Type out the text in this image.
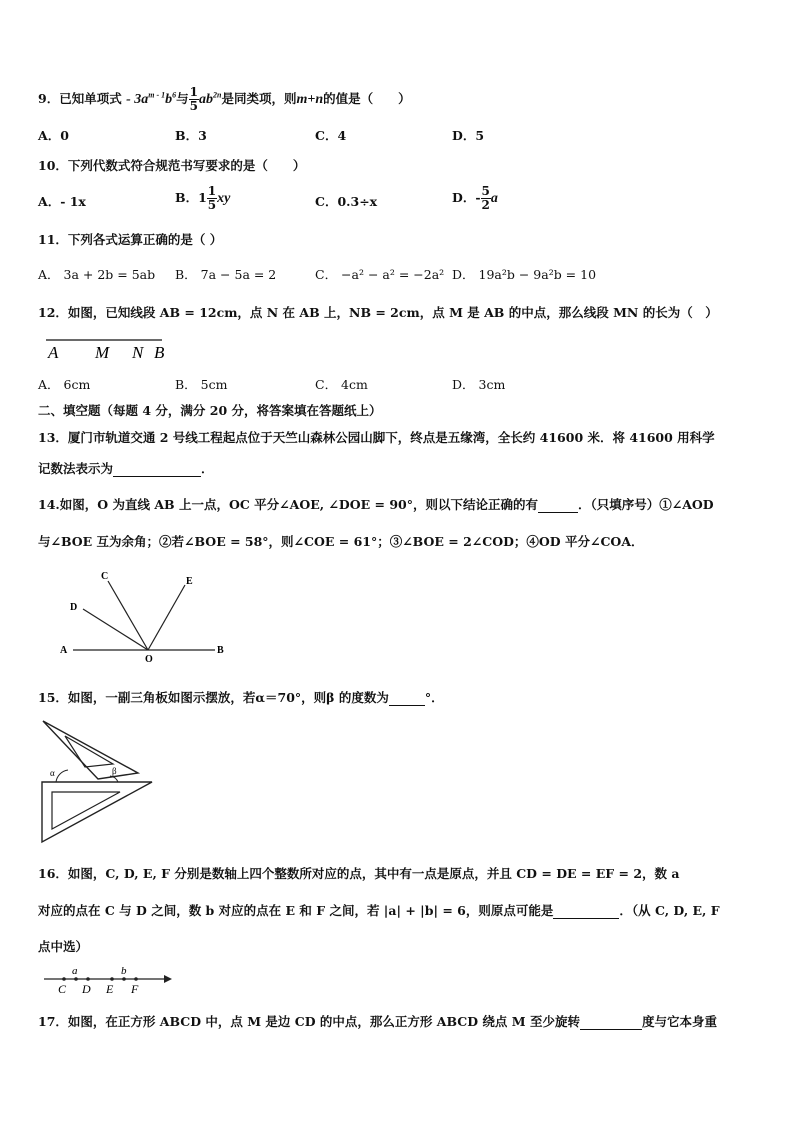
9．已知单项式 - $3a^{m - 1}b^6$与 $\frac{1}{5} ab^{2n}$是同类项，则m+n的值是（　　）
A．0	B．3	C．4	D．5
10．下列代数式符合规范书写要求的是（　　）
A．- 1x	B．$1 \frac{1}{5}$ xy	C．0.3÷x	D．- $\frac{5}{2}$ a
11．下列各式运算正确的是（ ）
A． 3a + 2b = 5ab B． 7a − 5a = 2	C． −a² − a² = −2a² D． 19a²b − 9a²b = 10
12．如图，已知线段 AB = 12cm，点 N 在 AB 上，NB = 2cm，点 M 是 AB 的中点，那么线段 MN 的长为（　）
A M N B
A． 6cm	B． 5cm	C． 4cm	D． 3cm
二、填空题（每题 4 分，满分 20 分，将答案填在答题纸上）
13．厦门市轨道交通 2 号线工程起点位于天竺山森林公园山脚下，终点是五缘湾，全长约 41600 米．将 41600 用科学
记数法表示为	．
14.如图，O 为直线 AB 上一点，OC 平分∠AOE, ∠DOE = 90°，则以下结论正确的有	．（只填序号）①∠AOD
与∠BOE 互为余角；②若∠BOE = 58°，则∠COE = 61°；③∠BOE = 2∠COD；④OD 平分∠COA．
C	E
D
A
O
B
15．如图，一副三角板如图示摆放，若α＝70°，则β 的度数为	°．
α	β
16．如图，C, D, E, F 分别是数轴上四个整数所对应的点，其中有一点是原点，并且 CD = DE = EF = 2，数 a
对应的点在 C 与 D 之间，数 b 对应的点在 E 和 F 之间，若 |a| + |b| = 6，则原点可能是	．（从 C, D, E, F
点中选）
C D E F
a	b
17．如图，在正方形 ABCD 中，点 M 是边 CD 的中点，那么正方形 ABCD 绕点 M 至少旋转	度与它本身重
